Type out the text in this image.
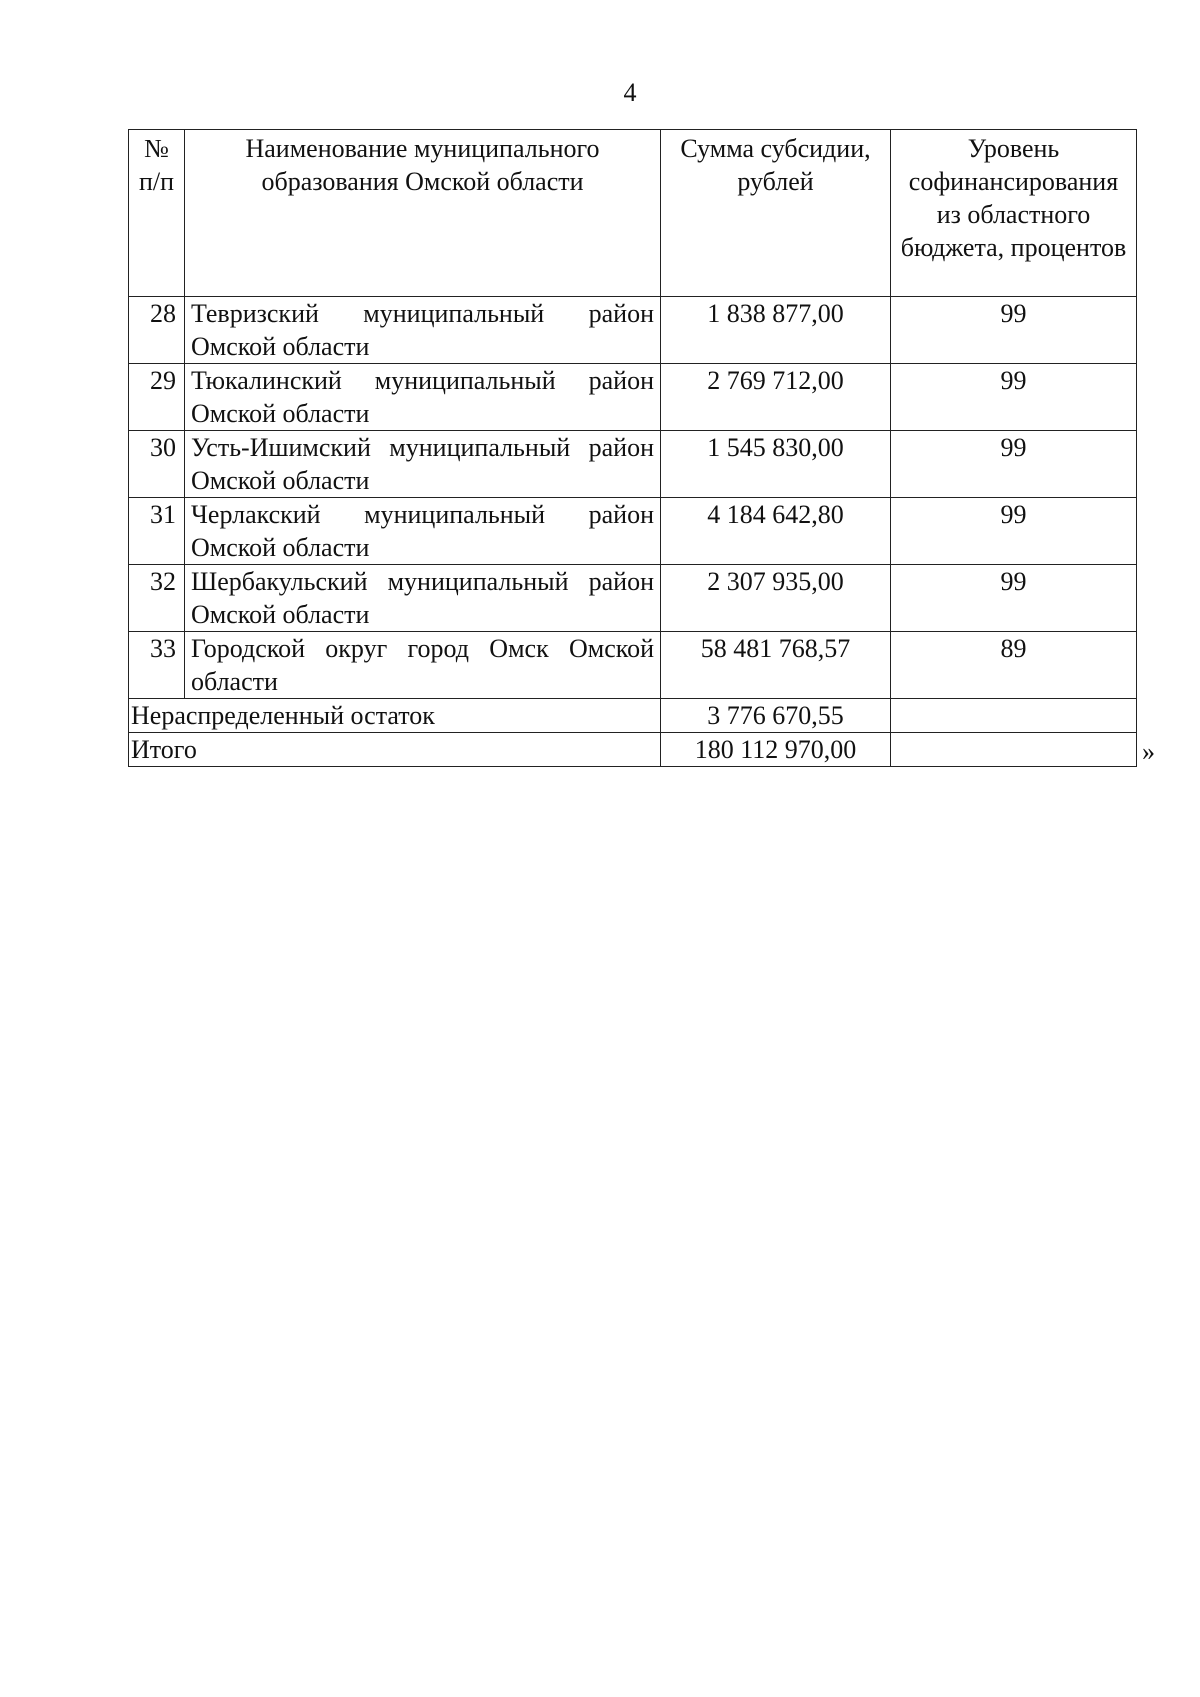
4
№ п/п	Наименование муниципального образования Омской области	Сумма субсидии, рублей	Уровень софинансирования из областного бюджета, процентов
28	Тевризский муниципальный район Омской области	1 838 877,00	99
29	Тюкалинский муниципальный район Омской области	2 769 712,00	99
30	Усть-Ишимский муниципальный район Омской области	1 545 830,00	99
31	Черлакский муниципальный район Омской области	4 184 642,80	99
32	Шербакульский муниципальный район Омской области	2 307 935,00	99
33	Городской округ город Омск Омской области	58 481 768,57	89
Нераспределенный остаток		3 776 670,55	
Итого		180 112 970,00		»
